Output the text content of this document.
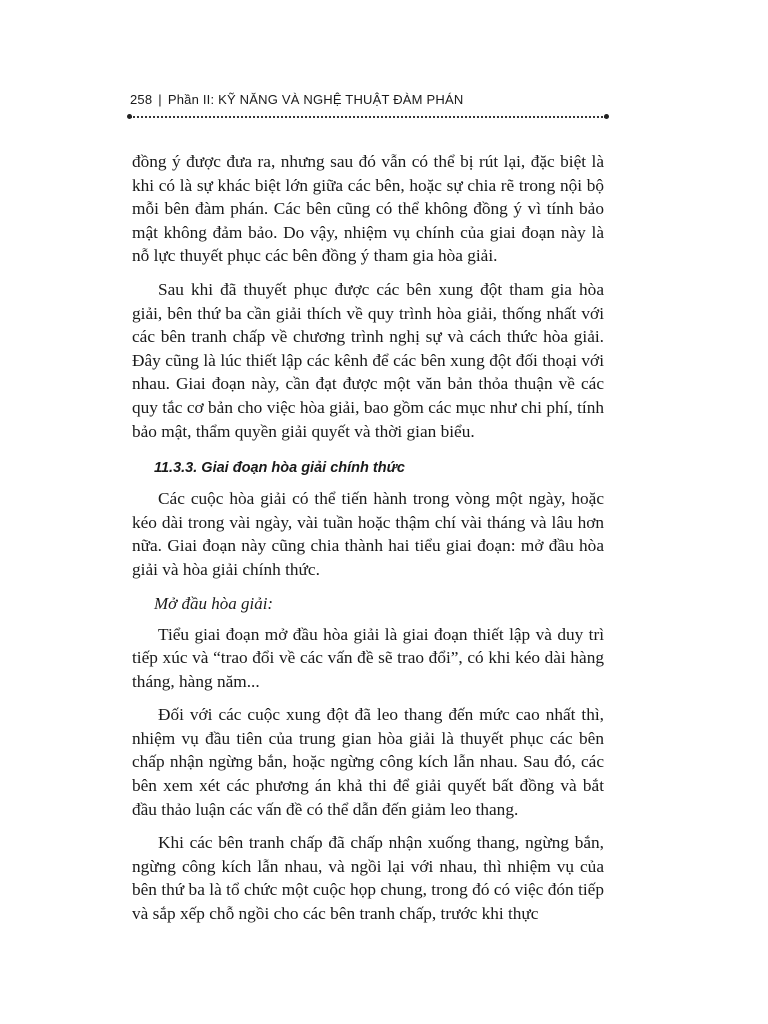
258 | Phần II: KỸ NĂNG VÀ NGHỆ THUẬT ĐÀM PHÁN

đồng ý được đưa ra, nhưng sau đó vẫn có thể bị rút lại, đặc biệt là khi có là sự khác biệt lớn giữa các bên, hoặc sự chia rẽ trong nội bộ mỗi bên đàm phán. Các bên cũng có thể không đồng ý vì tính bảo mật không đảm bảo. Do vậy, nhiệm vụ chính của giai đoạn này là nỗ lực thuyết phục các bên đồng ý tham gia hòa giải.

Sau khi đã thuyết phục được các bên xung đột tham gia hòa giải, bên thứ ba cần giải thích về quy trình hòa giải, thống nhất với các bên tranh chấp về chương trình nghị sự và cách thức hòa giải. Đây cũng là lúc thiết lập các kênh để các bên xung đột đối thoại với nhau. Giai đoạn này, cần đạt được một văn bản thỏa thuận về các quy tắc cơ bản cho việc hòa giải, bao gồm các mục như chi phí, tính bảo mật, thẩm quyền giải quyết và thời gian biểu.

11.3.3. Giai đoạn hòa giải chính thức

Các cuộc hòa giải có thể tiến hành trong vòng một ngày, hoặc kéo dài trong vài ngày, vài tuần hoặc thậm chí vài tháng và lâu hơn nữa. Giai đoạn này cũng chia thành hai tiểu giai đoạn: mở đầu hòa giải và hòa giải chính thức.

Mở đầu hòa giải:

Tiểu giai đoạn mở đầu hòa giải là giai đoạn thiết lập và duy trì tiếp xúc và “trao đổi về các vấn đề sẽ trao đổi”, có khi kéo dài hàng tháng, hàng năm...

Đối với các cuộc xung đột đã leo thang đến mức cao nhất thì, nhiệm vụ đầu tiên của trung gian hòa giải là thuyết phục các bên chấp nhận ngừng bắn, hoặc ngừng công kích lẫn nhau. Sau đó, các bên xem xét các phương án khả thi để giải quyết bất đồng và bắt đầu thảo luận các vấn đề có thể dẫn đến giảm leo thang.

Khi các bên tranh chấp đã chấp nhận xuống thang, ngừng bắn, ngừng công kích lẫn nhau, và ngồi lại với nhau, thì nhiệm vụ của bên thứ ba là tổ chức một cuộc họp chung, trong đó có việc đón tiếp và sắp xếp chỗ ngồi cho các bên tranh chấp, trước khi thực
